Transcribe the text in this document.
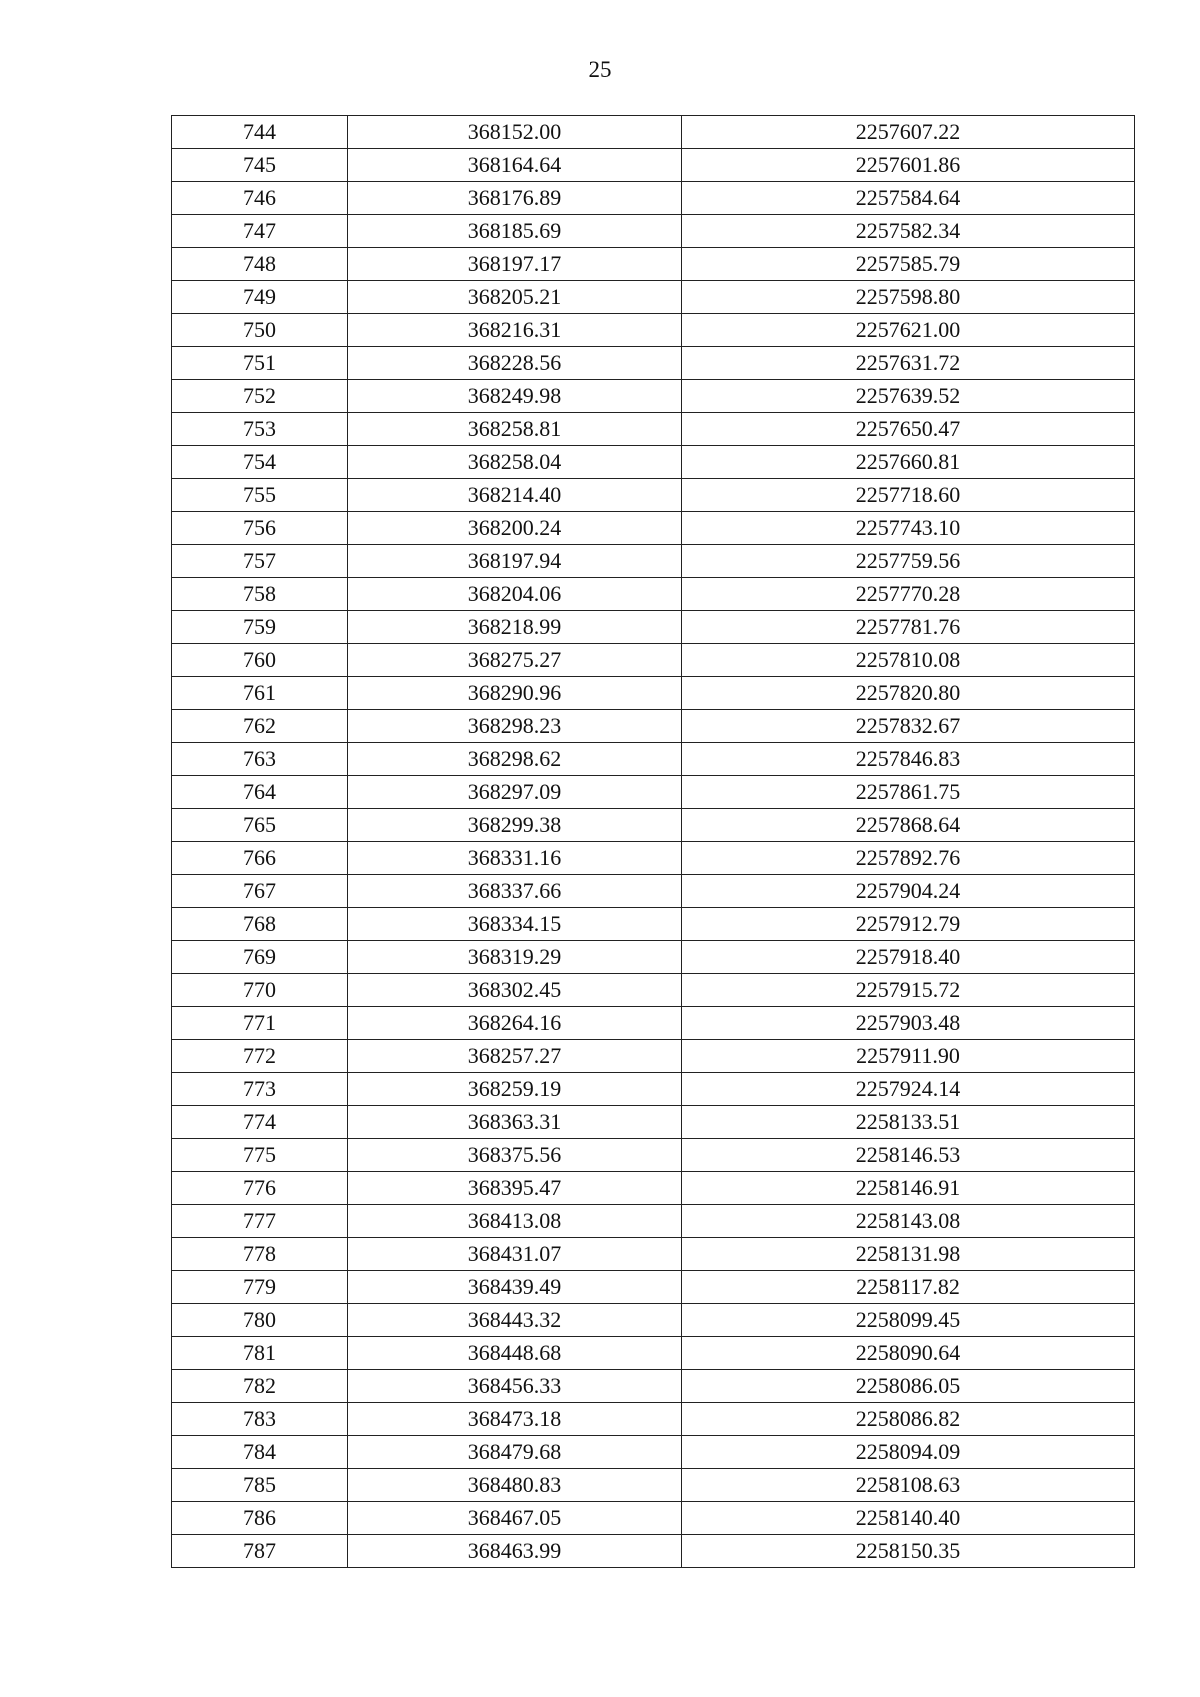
25
744	368152.00	2257607.22
745	368164.64	2257601.86
746	368176.89	2257584.64
747	368185.69	2257582.34
748	368197.17	2257585.79
749	368205.21	2257598.80
750	368216.31	2257621.00
751	368228.56	2257631.72
752	368249.98	2257639.52
753	368258.81	2257650.47
754	368258.04	2257660.81
755	368214.40	2257718.60
756	368200.24	2257743.10
757	368197.94	2257759.56
758	368204.06	2257770.28
759	368218.99	2257781.76
760	368275.27	2257810.08
761	368290.96	2257820.80
762	368298.23	2257832.67
763	368298.62	2257846.83
764	368297.09	2257861.75
765	368299.38	2257868.64
766	368331.16	2257892.76
767	368337.66	2257904.24
768	368334.15	2257912.79
769	368319.29	2257918.40
770	368302.45	2257915.72
771	368264.16	2257903.48
772	368257.27	2257911.90
773	368259.19	2257924.14
774	368363.31	2258133.51
775	368375.56	2258146.53
776	368395.47	2258146.91
777	368413.08	2258143.08
778	368431.07	2258131.98
779	368439.49	2258117.82
780	368443.32	2258099.45
781	368448.68	2258090.64
782	368456.33	2258086.05
783	368473.18	2258086.82
784	368479.68	2258094.09
785	368480.83	2258108.63
786	368467.05	2258140.40
787	368463.99	2258150.35
